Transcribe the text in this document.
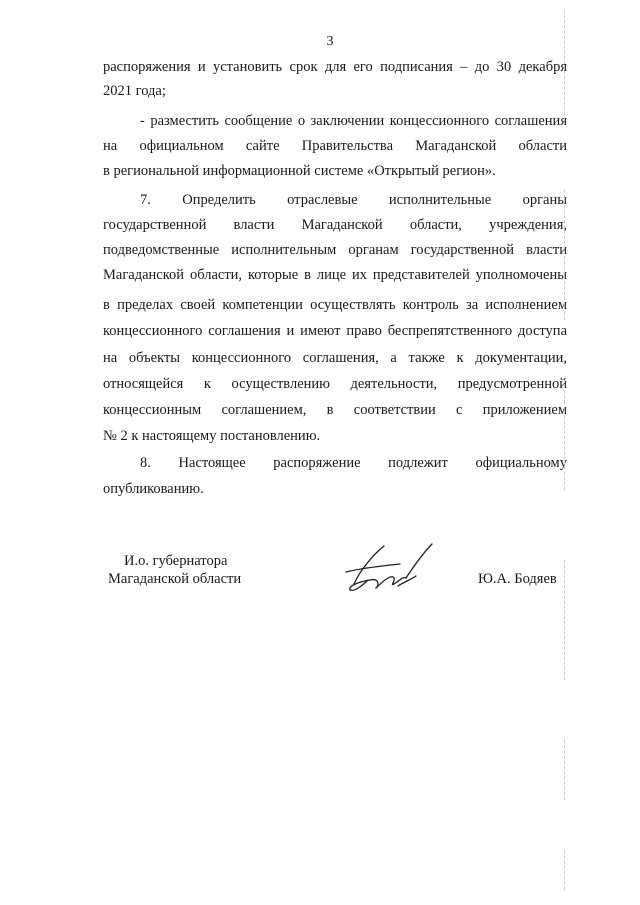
3
распоряжения и установить срок для его подписания – до 30 декабря
2021 года;
- разместить сообщение о заключении концессионного соглашения
на официальном сайте Правительства Магаданской области
в региональной информационной системе «Открытый регион».
7. Определить отраслевые исполнительные органы
государственной власти Магаданской области, учреждения,
подведомственные исполнительным органам государственной власти
Магаданской области, которые в лице их представителей уполномочены
в пределах своей компетенции осуществлять контроль за исполнением
концессионного соглашения и имеют право беспрепятственного доступа
на объекты концессионного соглашения, а также к документации,
относящейся к осуществлению деятельности, предусмотренной
концессионным соглашением, в соответствии с приложением
№ 2 к настоящему постановлению.
8. Настоящее распоряжение подлежит официальному
опубликованию.
И.о. губернатора
Магаданской области	Ю.А. Бодяев
